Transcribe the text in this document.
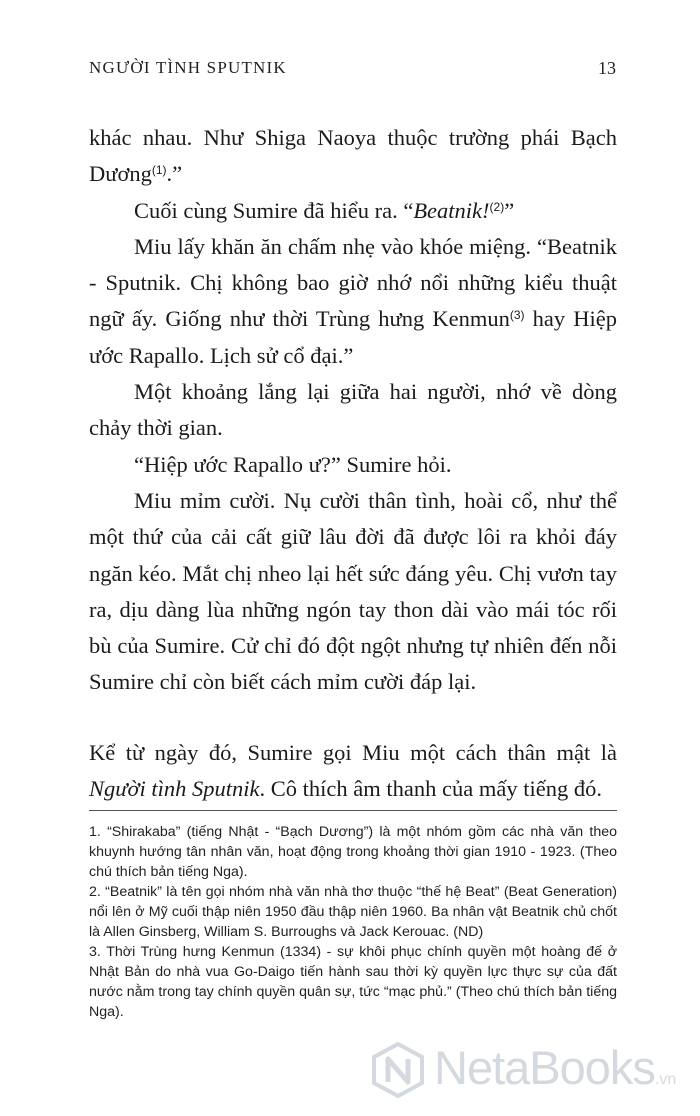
NGƯỜI TÌNH SPUTNIK	13

khác nhau. Như Shiga Naoya thuộc trường phái Bạch Dương$^{(1)}$.”

Cuối cùng Sumire đã hiểu ra. “Beatnik!$^{(2)}$”

Miu lấy khăn ăn chấm nhẹ vào khóe miệng. “Beatnik - Sputnik. Chị không bao giờ nhớ nổi những kiểu thuật ngữ ấy. Giống như thời Trùng hưng Kenmun$^{(3)}$ hay Hiệp ước Rapallo. Lịch sử cổ đại.”

Một khoảng lắng lại giữa hai người, nhớ về dòng chảy thời gian.

“Hiệp ước Rapallo ư?” Sumire hỏi.

Miu mỉm cười. Nụ cười thân tình, hoài cổ, như thể một thứ của cải cất giữ lâu đời đã được lôi ra khỏi đáy ngăn kéo. Mắt chị nheo lại hết sức đáng yêu. Chị vươn tay ra, dịu dàng lùa những ngón tay thon dài vào mái tóc rối bù của Sumire. Cử chỉ đó đột ngột nhưng tự nhiên đến nỗi Sumire chỉ còn biết cách mỉm cười đáp lại.

Kể từ ngày đó, Sumire gọi Miu một cách thân mật là Người tình Sputnik. Cô thích âm thanh của mấy tiếng đó.

1. “Shirakaba” (tiếng Nhật - “Bạch Dương”) là một nhóm gồm các nhà văn theo khuynh hướng tân nhân văn, hoạt động trong khoảng thời gian 1910 - 1923. (Theo chú thích bản tiếng Nga).

2. “Beatnik” là tên gọi nhóm nhà văn nhà thơ thuộc “thế hệ Beat” (Beat Generation) nổi lên ở Mỹ cuối thập niên 1950 đầu thập niên 1960. Ba nhân vật Beatnik chủ chốt là Allen Ginsberg, William S. Burroughs và Jack Kerouac. (ND)

3. Thời Trùng hưng Kenmun (1334) - sự khôi phục chính quyền một hoàng đế ở Nhật Bản do nhà vua Go-Daigo tiến hành sau thời kỳ quyền lực thực sự của đất nước nằm trong tay chính quyền quân sự, tức “mạc phủ.” (Theo chú thích bản tiếng Nga).

NetaBooks.vn
